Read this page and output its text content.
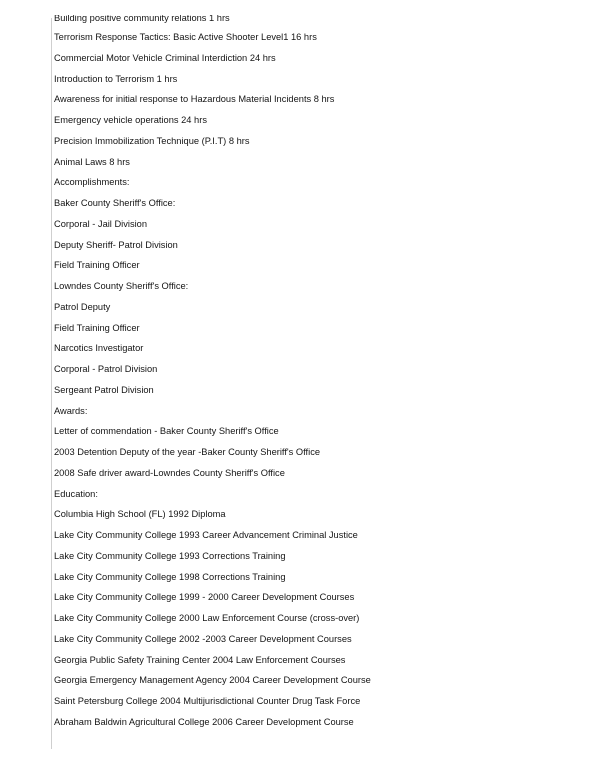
Building positive community relations 1 hrs
Terrorism Response Tactics: Basic Active Shooter Level1 16 hrs
Commercial Motor Vehicle Criminal Interdiction 24 hrs
Introduction to Terrorism 1 hrs
Awareness for initial response to Hazardous Material Incidents 8 hrs
Emergency vehicle operations 24 hrs
Precision Immobilization Technique (P.I.T) 8 hrs
Animal Laws 8 hrs
Accomplishments:
Baker County Sheriff's Office:
Corporal - Jail Division
Deputy Sheriff- Patrol Division
Field Training Officer
Lowndes County Sheriff's Office:
Patrol Deputy
Field Training Officer
Narcotics Investigator
Corporal - Patrol Division
Sergeant Patrol Division
Awards:
Letter of commendation - Baker County Sheriff's Office
2003 Detention Deputy of the year -Baker County Sheriff's Office
2008 Safe driver award-Lowndes County Sheriff's Office
Education:
Columbia High School (FL) 1992 Diploma
Lake City Community College 1993 Career Advancement Criminal Justice
Lake City Community College 1993 Corrections Training
Lake City Community College 1998 Corrections Training
Lake City Community College 1999 - 2000 Career Development Courses
Lake City Community College 2000 Law Enforcement Course (cross-over)
Lake City Community College 2002 -2003 Career Development Courses
Georgia Public Safety Training Center 2004 Law Enforcement Courses
Georgia Emergency Management Agency 2004 Career Development Course
Saint Petersburg College 2004 Multijurisdictional Counter Drug Task Force
Abraham Baldwin Agricultural College 2006 Career Development Course
